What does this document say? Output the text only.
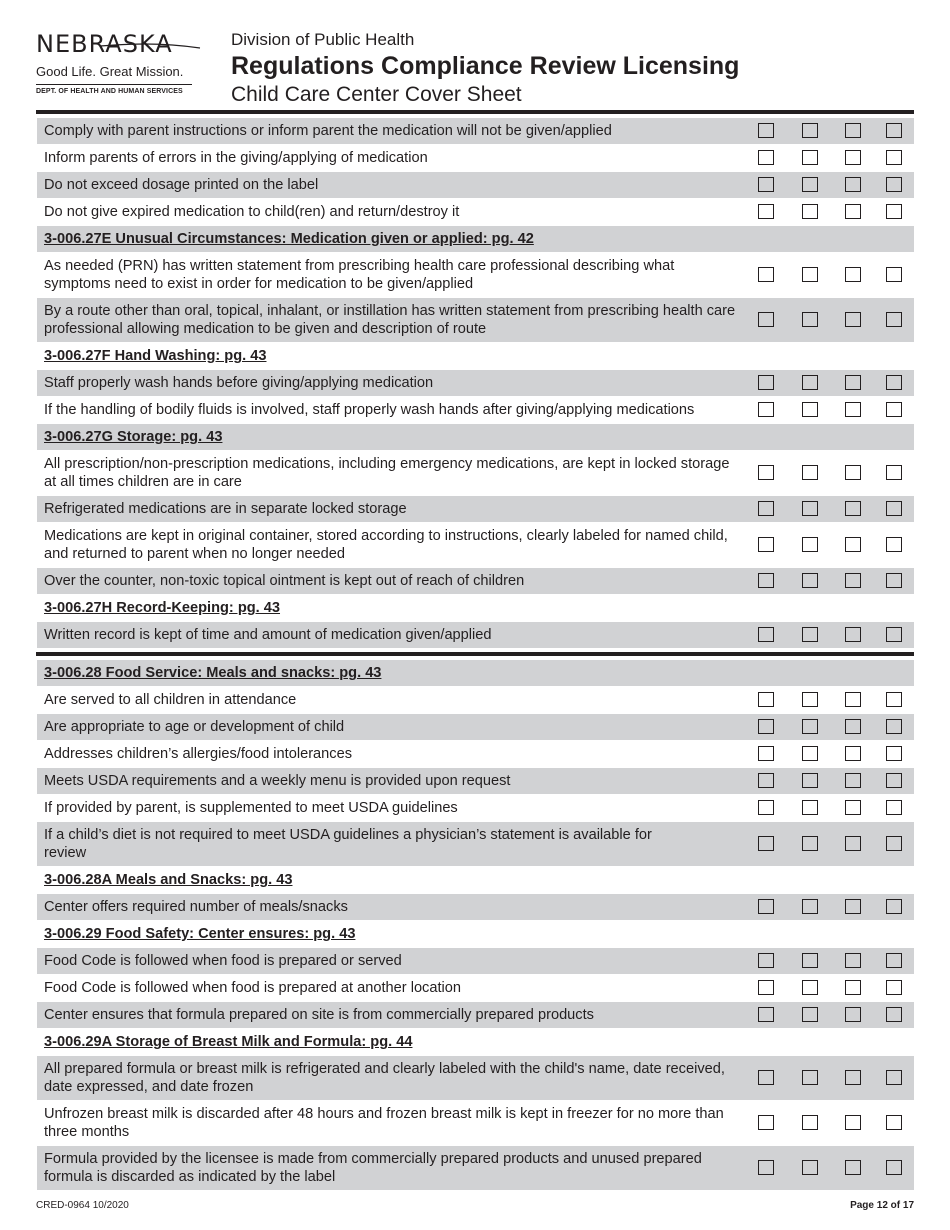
NEBRASKA
Good Life. Great Mission.
DEPT. OF HEALTH AND HUMAN SERVICES
Division of Public Health
Regulations Compliance Review Licensing
Child Care Center Cover Sheet
Comply with parent instructions or inform parent the medication will not be given/applied				
Inform parents of errors in the giving/applying of medication				
Do not exceed dosage printed on the label				
Do not give expired medication to child(ren) and return/destroy it				
3-006.27E Unusual Circumstances: Medication given or applied: pg. 42				
As needed (PRN) has written statement from prescribing health care professional describing what symptoms need to exist in order for medication to be given/applied				
By a route other than oral, topical, inhalant, or instillation has written statement from prescribing health care professional allowing medication to be given and description of route				
3-006.27F Hand Washing: pg. 43				
Staff properly wash hands before giving/applying medication				
If the handling of bodily fluids is involved, staff properly wash hands after giving/applying medications				
3-006.27G Storage: pg. 43				
All prescription/non-prescription medications, including emergency medications, are kept in locked storage at all times children are in care				
Refrigerated medications are in separate locked storage				
Medications are kept in original container, stored according to instructions, clearly labeled for named child, and returned to parent when no longer needed				
Over the counter, non-toxic topical ointment is kept out of reach of children				
3-006.27H Record-Keeping: pg. 43				
Written record is kept of time and amount of medication given/applied				
3-006.28 Food Service: Meals and snacks: pg. 43				
Are served to all children in attendance				
Are appropriate to age or development of child				
Addresses children’s allergies/food intolerances				
Meets USDA requirements and a weekly menu is provided upon request				
If provided by parent, is supplemented to meet USDA guidelines				
If a child’s diet is not required to meet USDA guidelines a physician’s statement is available for review				
3-006.28A Meals and Snacks: pg. 43				
Center offers required number of meals/snacks				
3-006.29 Food Safety: Center ensures: pg. 43				
Food Code is followed when food is prepared or served				
Food Code is followed when food is prepared at another location				
Center ensures that formula prepared on site is from commercially prepared products				
3-006.29A Storage of Breast Milk and Formula: pg. 44				
All prepared formula or breast milk is refrigerated and clearly labeled with the child's name, date received, date expressed, and date frozen				
Unfrozen breast milk is discarded after 48 hours and frozen breast milk is kept in freezer for no more than three months				
Formula provided by the licensee is made from commercially prepared products and unused prepared formula is discarded as indicated by the label				
CRED-0964 10/2020	Page 12 of 17
